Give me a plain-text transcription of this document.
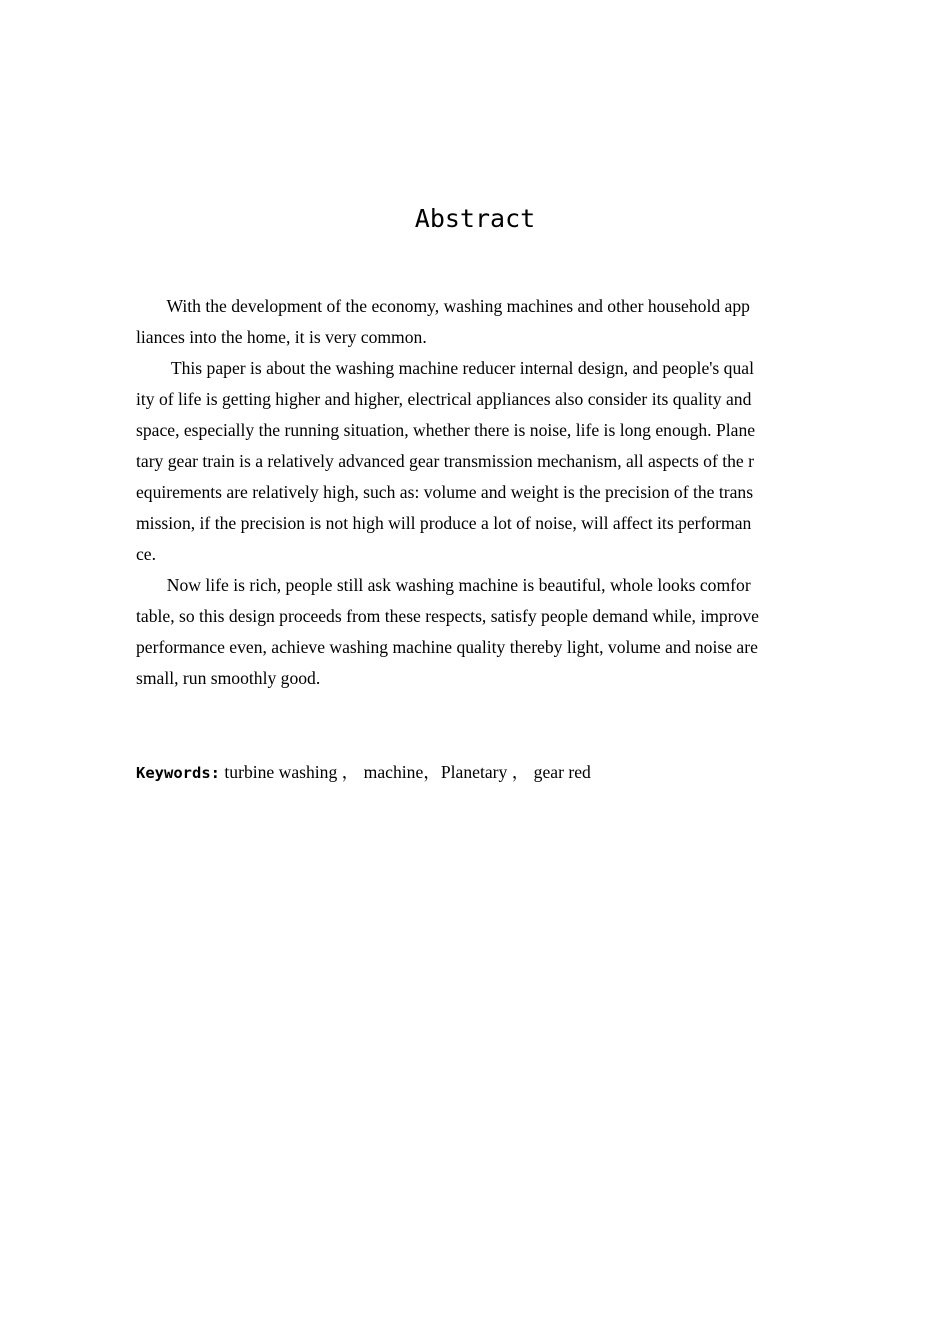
Abstract
With the development of the economy, washing machines and other household app
liances into the home, it is very common.
This paper is about the washing machine reducer internal design, and people's qual
ity of life is getting higher and higher, electrical appliances also consider its quality and
space, especially the running situation, whether there is noise, life is long enough. Plane
tary gear train is a relatively advanced gear transmission mechanism, all aspects of the r
equirements are relatively high, such as: volume and weight is the precision of the trans
mission, if the precision is not high will produce a lot of noise, will affect its performan
ce.
Now life is rich, people still ask washing machine is beautiful, whole looks comfor
table, so this design proceeds from these respects, satisfy people demand while, improve
performance even, achieve washing machine quality thereby light, volume and noise are
small, run smoothly good.
Keywords: turbine washing ， machine，Planetary ， gear red
